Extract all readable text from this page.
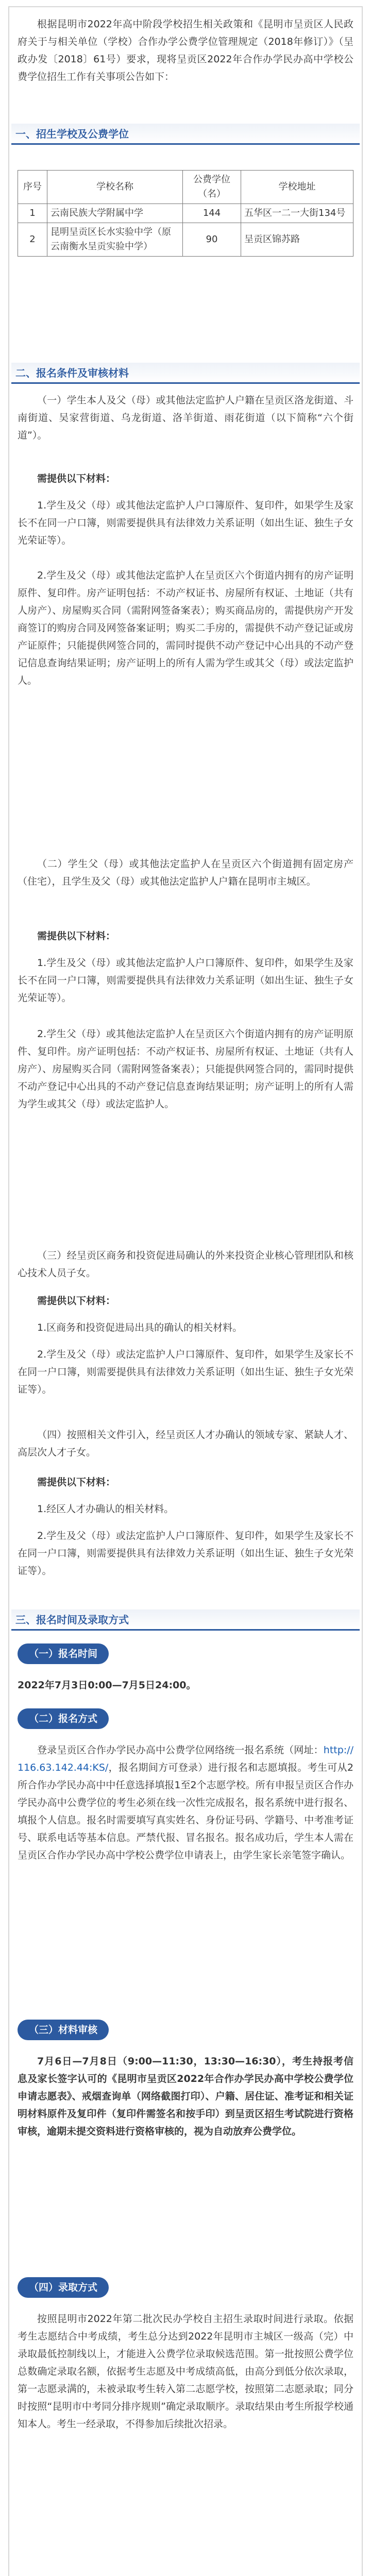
根据昆明市2022年高中阶段学校招生相关政策和《昆明市呈贡区人民政府关于与相关单位（学校）合作办学公费学位管理规定（2018年修订）》（呈政办发〔2018〕61号）要求，现将呈贡区2022年合作办学民办高中学校公费学位招生工作有关事项公告如下：

一、招生学校及公费学位
序号	学校名称	公费学位（名）	学校地址
1	云南民族大学附属中学	144	五华区一二一大街134号
2	昆明呈贡区长水实验中学（原云南衡水呈贡实验中学）	90	呈贡区锦苏路
二、报名条件及审核材料

（一）学生本人及父（母）或其他法定监护人户籍在呈贡区洛龙街道、斗南街道、吴家营街道、乌龙街道、洛羊街道、雨花街道（以下简称“六个街道”）。

需提供以下材料：

1.学生及父（母）或其他法定监护人户口簿原件、复印件，如果学生及家长不在同一户口簿，则需要提供具有法律效力关系证明（如出生证、独生子女光荣证等）。

2.学生及父（母）或其他法定监护人在呈贡区六个街道内拥有的房产证明原件、复印件。房产证明包括：不动产权证书、房屋所有权证、土地证（共有人房产）、房屋购买合同（需附网签备案表）；购买商品房的，需提供房产开发商签订的购房合同及网签备案证明；购买二手房的，需提供不动产登记证或房产证原件；只能提供网签合同的，需同时提供不动产登记中心出具的不动产登记信息查询结果证明；房产证明上的所有人需为学生或其父（母）或法定监护人。

（二）学生父（母）或其他法定监护人在呈贡区六个街道拥有固定房产（住宅），且学生及父（母）或其他法定监护人户籍在昆明市主城区。

需提供以下材料：

1.学生及父（母）或其他法定监护人户口簿原件、复印件，如果学生及家长不在同一户口簿，则需要提供具有法律效力关系证明（如出生证、独生子女光荣证等）。

2.学生父（母）或其他法定监护人在呈贡区六个街道内拥有的房产证明原件、复印件。房产证明包括：不动产权证书、房屋所有权证、土地证（共有人房产）、房屋购买合同（需附网签备案表）；只能提供网签合同的，需同时提供不动产登记中心出具的不动产登记信息查询结果证明；房产证明上的所有人需为学生或其父（母）或法定监护人。

（三）经呈贡区商务和投资促进局确认的外来投资企业核心管理团队和核心技术人员子女。

需提供以下材料：

1.区商务和投资促进局出具的确认的相关材料。

2.学生及父（母）或法定监护人户口簿原件、复印件，如果学生及家长不在同一户口簿，则需要提供具有法律效力关系证明（如出生证、独生子女光荣证等）。

（四）按照相关文件引入，经呈贡区人才办确认的领域专家、紧缺人才、高层次人才子女。

需提供以下材料：

1.经区人才办确认的相关材料。

2.学生及父（母）或法定监护人户口簿原件、复印件，如果学生及家长不在同一户口簿，则需要提供具有法律效力关系证明（如出生证、独生子女光荣证等）。

三、报名时间及录取方式
（一）报名时间

2022年7月3日0:00—7月5日24:00。

（二）报名方式

登录呈贡区合作办学民办高中公费学位网络统一报名系统（网址：http://116.63.142.44:KS/，报名期间方可登录）进行报名和志愿填报。考生可从2所合作办学民办高中中任意选择填报1至2个志愿学校。所有申报呈贡区合作办学民办高中公费学位的考生必须在线一次性完成报名，报名系统中进行报名、填报个人信息。报名时需要填写真实姓名、身份证号码、学籍号、中考准考证号、联系电话等基本信息。严禁代报、冒名报名。报名成功后，学生本人需在呈贡区合作办学民办高中学校公费学位申请表上，由学生家长亲笔签字确认。

（三）材料审核

7月6日—7月8日（9:00—11:30，13:30—16:30），考生持报考信息及家长签字认可的《昆明市呈贡区2022年合作办学民办高中学校公费学位申请志愿表》、戒烟查询单（网络截图打印）、户籍、居住证、准考证和相关证明材料原件及复印件（复印件需签名和按手印）到呈贡区招生考试院进行资格审核，逾期未提交资料进行资格审核的，视为自动放弃公费学位。

（四）录取方式

按照昆明市2022年第二批次民办学校自主招生录取时间进行录取。依据考生志愿结合中考成绩，考生总分达到2022年昆明市主城区一级高（完）中录取最低控制线以上，才能进入公费学位录取候选范围。第一批按照公费学位总数确定录取名额，依据考生志愿及中考成绩高低，由高分到低分依次录取，第一志愿录满的，未被录取考生转入第二志愿学校，按照第二志愿录取；同分时按照“昆明市中考同分排序规则”确定录取顺序。录取结果由考生所报学校通知本人。考生一经录取，不得参加后续批次招录。
